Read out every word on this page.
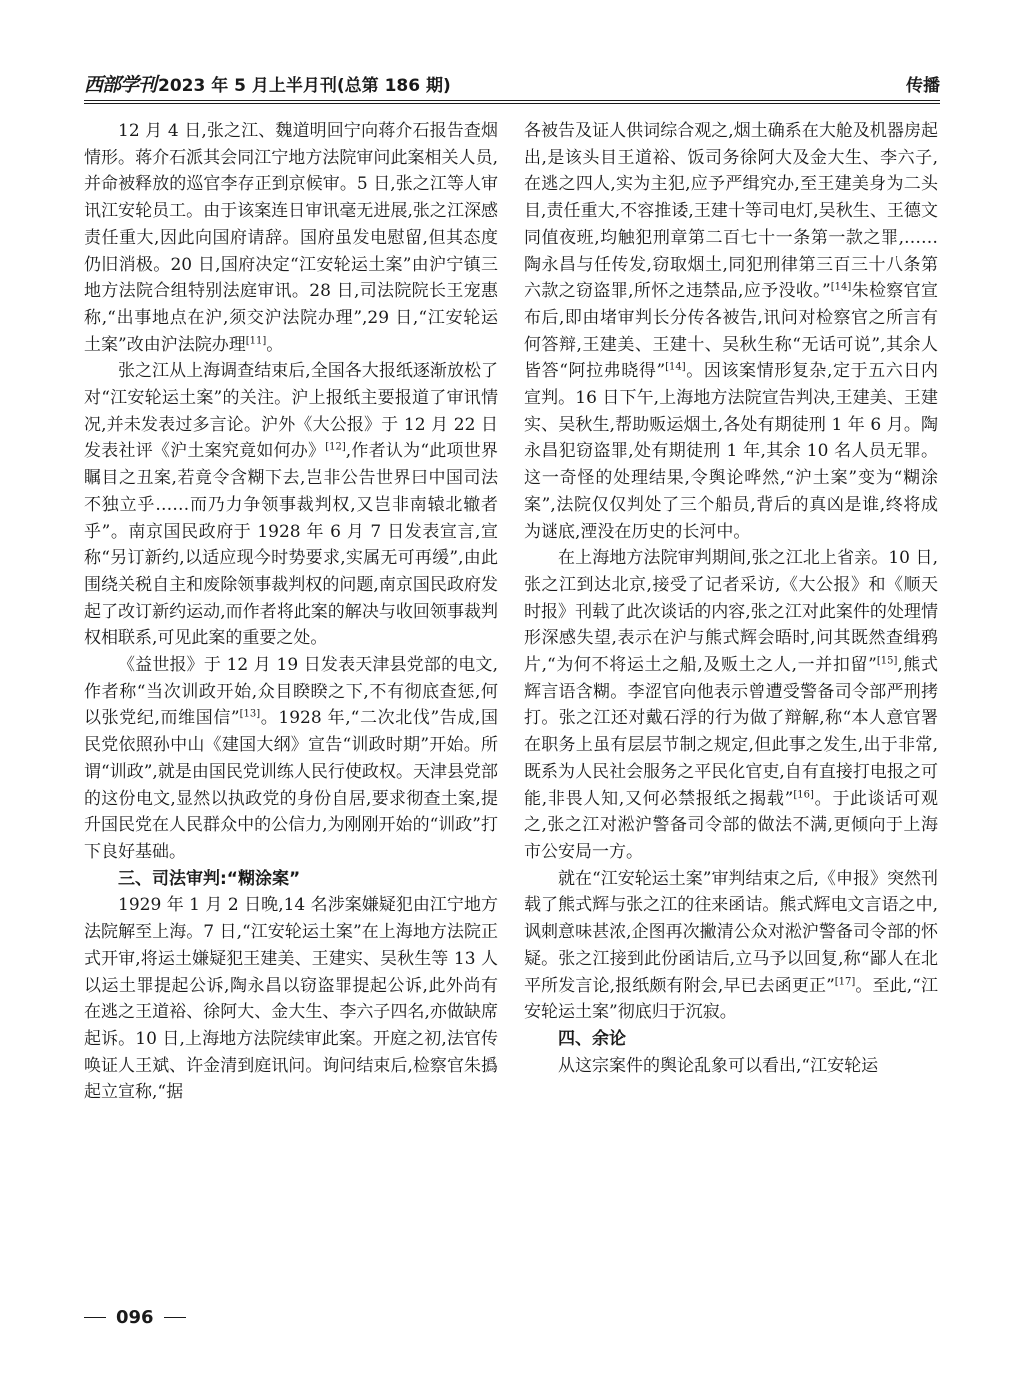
西部学刊 2023 年 5 月上半月刊(总第 186 期)	传播

12 月 4 日,张之江、魏道明回宁向蒋介石报告查烟情形。蒋介石派其会同江宁地方法院审问此案相关人员,并命被释放的巡官李存正到京候审。5 日,张之江等人审讯江安轮员工。由于该案连日审讯毫无进展,张之江深感责任重大,因此向国府请辞。国府虽发电慰留,但其态度仍旧消极。20 日,国府决定“江安轮运土案”由沪宁镇三地方法院合组特别法庭审讯。28 日,司法院院长王宠惠称,“出事地点在沪,须交沪法院办理”,29 日,“江安轮运土案”改由沪法院办理[11]。

张之江从上海调查结束后,全国各大报纸逐渐放松了对“江安轮运土案”的关注。沪上报纸主要报道了审讯情况,并未发表过多言论。沪外《大公报》于 12 月 22 日发表社评《沪土案究竟如何办》[12],作者认为“此项世界瞩目之丑案,若竟令含糊下去,岂非公告世界曰中国司法不独立乎……而乃力争领事裁判权,又岂非南辕北辙者乎”。南京国民政府于 1928 年 6 月 7 日发表宣言,宣称“另订新约,以适应现今时势要求,实属无可再缓”,由此围绕关税自主和废除领事裁判权的问题,南京国民政府发起了改订新约运动,而作者将此案的解决与收回领事裁判权相联系,可见此案的重要之处。

《益世报》于 12 月 19 日发表天津县党部的电文,作者称“当次训政开始,众目睽睽之下,不有彻底查惩,何以张党纪,而维国信”[13]。1928 年,“二次北伐”告成,国民党依照孙中山《建国大纲》宣告“训政时期”开始。所谓“训政”,就是由国民党训练人民行使政权。天津县党部的这份电文,显然以执政党的身份自居,要求彻查土案,提升国民党在人民群众中的公信力,为刚刚开始的“训政”打下良好基础。

三、司法审判:“糊涂案”

1929 年 1 月 2 日晚,14 名涉案嫌疑犯由江宁地方法院解至上海。7 日,“江安轮运土案”在上海地方法院正式开审,将运土嫌疑犯王建美、王建实、吴秋生等 13 人以运土罪提起公诉,陶永昌以窃盗罪提起公诉,此外尚有在逃之王道裕、徐阿大、金大生、李六子四名,亦做缺席起诉。10 日,上海地方法院续审此案。开庭之初,法官传唤证人王斌、许金清到庭讯问。询问结束后,检察官朱撝起立宣称,“据

各被告及证人供词综合观之,烟土确系在大舱及机器房起出,是该头目王道裕、饭司务徐阿大及金大生、李六子,在逃之四人,实为主犯,应予严缉究办,至王建美身为二头目,责任重大,不容推诿,王建十等司电灯,吴秋生、王德文同值夜班,均触犯刑章第二百七十一条第一款之罪,……陶永昌与任传发,窃取烟土,同犯刑律第三百三十八条第六款之窃盗罪,所怀之违禁品,应予没收。”[14]朱检察官宣布后,即由堵审判长分传各被告,讯问对检察官之所言有何答辩,王建美、王建十、吴秋生称“无话可说”,其余人皆答“阿拉弗晓得”[14]。因该案情形复杂,定于五六日内宣判。16 日下午,上海地方法院宣告判决,王建美、王建实、吴秋生,帮助贩运烟土,各处有期徒刑 1 年 6 月。陶永昌犯窃盗罪,处有期徒刑 1 年,其余 10 名人员无罪。这一奇怪的处理结果,令舆论哗然,“沪土案”变为“糊涂案”,法院仅仅判处了三个船员,背后的真凶是谁,终将成为谜底,湮没在历史的长河中。

在上海地方法院审判期间,张之江北上省亲。10 日,张之江到达北京,接受了记者采访,《大公报》和《顺天时报》刊载了此次谈话的内容,张之江对此案件的处理情形深感失望,表示在沪与熊式辉会晤时,问其既然查缉鸦片,“为何不将运土之船,及贩土之人,一并扣留”[15],熊式辉言语含糊。李涩官向他表示曾遭受警备司令部严刑拷打。张之江还对戴石浮的行为做了辩解,称“本人意官署在职务上虽有层层节制之规定,但此事之发生,出于非常,既系为人民社会服务之平民化官吏,自有直接打电报之可能,非畏人知,又何必禁报纸之揭载”[16]。于此谈话可观之,张之江对淞沪警备司令部的做法不满,更倾向于上海市公安局一方。

就在“江安轮运土案”审判结束之后,《申报》突然刊载了熊式辉与张之江的往来函诘。熊式辉电文言语之中,讽刺意味甚浓,企图再次撇清公众对淞沪警备司令部的怀疑。张之江接到此份函诘后,立马予以回复,称“鄙人在北平所发言论,报纸颇有附会,早已去函更正”[17]。至此,“江安轮运土案”彻底归于沉寂。

四、余论

从这宗案件的舆论乱象可以看出,“江安轮运

096
